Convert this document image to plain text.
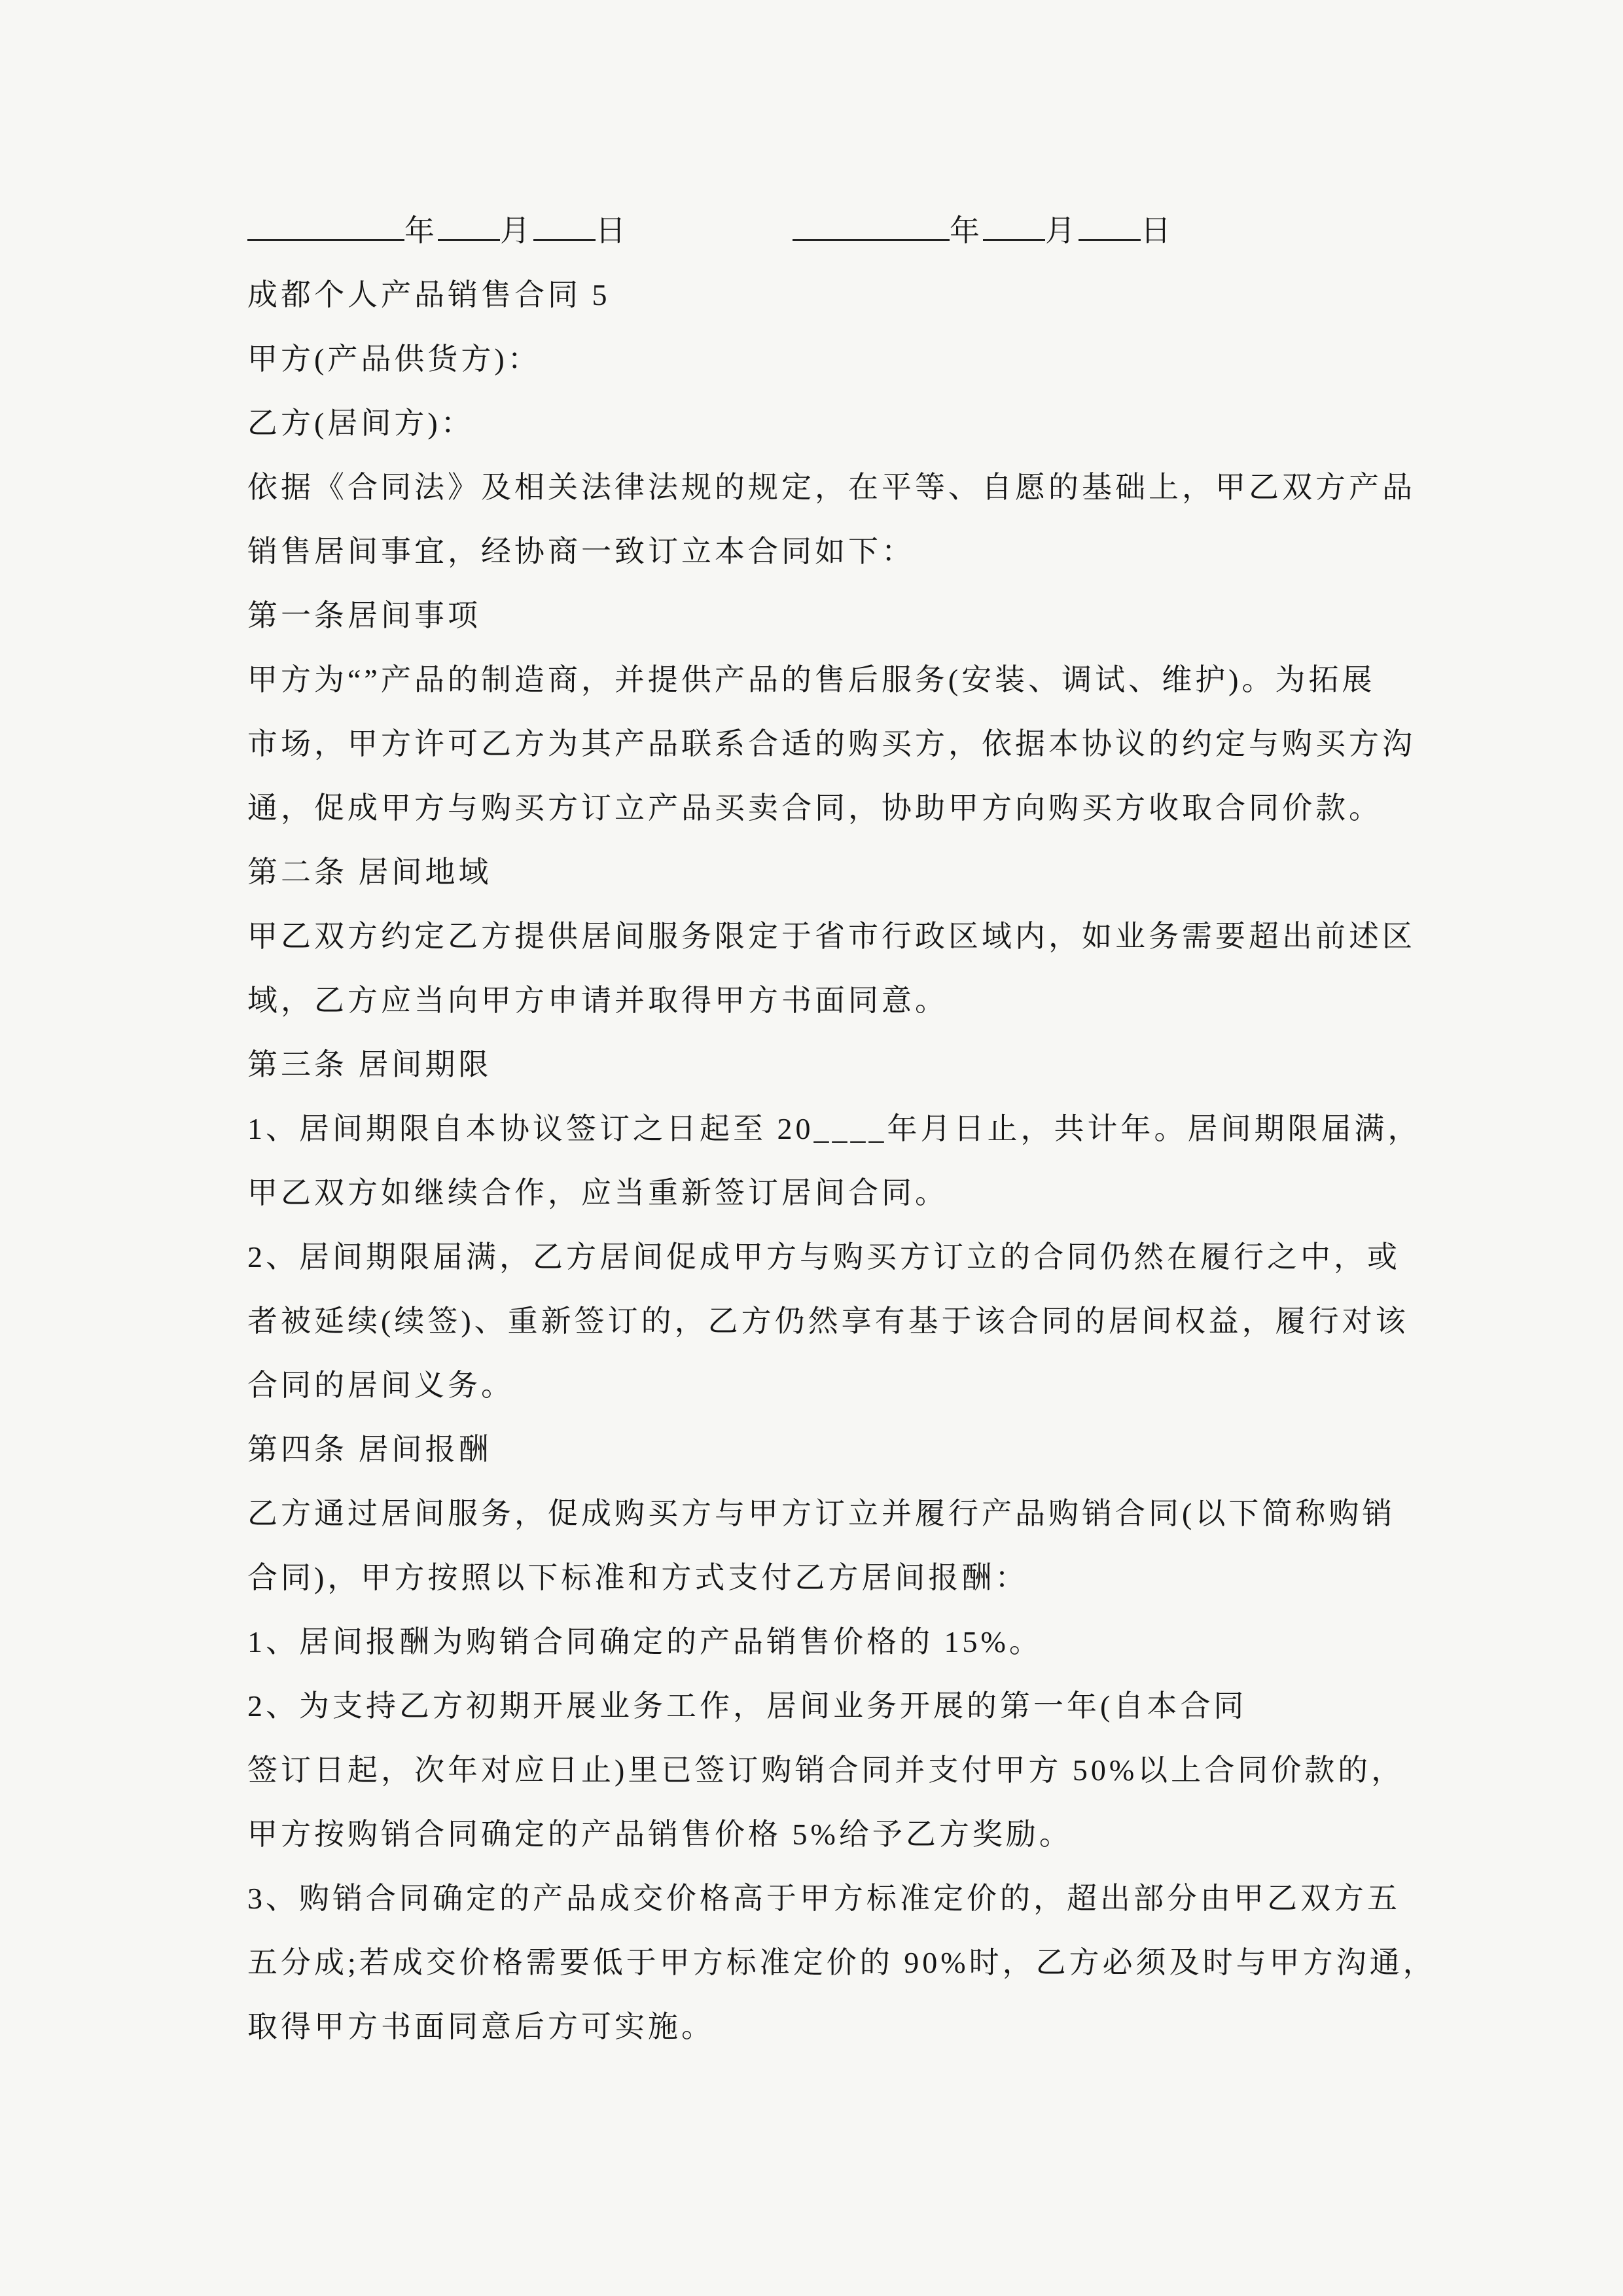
年 月 日	年 月 日
成都个人产品销售合同 5
甲方(产品供货方)：
乙方(居间方)：
依据《合同法》及相关法律法规的规定，在平等、自愿的基础上，甲乙双方产品
销售居间事宜，经协商一致订立本合同如下：
第一条居间事项
甲方为“”产品的制造商，并提供产品的售后服务(安装、调试、维护)。为拓展
市场，甲方许可乙方为其产品联系合适的购买方，依据本协议的约定与购买方沟
通，促成甲方与购买方订立产品买卖合同，协助甲方向购买方收取合同价款。
第二条 居间地域
甲乙双方约定乙方提供居间服务限定于省市行政区域内，如业务需要超出前述区
域，乙方应当向甲方申请并取得甲方书面同意。
第三条 居间期限
1、居间期限自本协议签订之日起至 20____年月日止，共计年。居间期限届满，
甲乙双方如继续合作，应当重新签订居间合同。
2、居间期限届满，乙方居间促成甲方与购买方订立的合同仍然在履行之中，或
者被延续(续签)、重新签订的，乙方仍然享有基于该合同的居间权益，履行对该
合同的居间义务。
第四条 居间报酬
乙方通过居间服务，促成购买方与甲方订立并履行产品购销合同(以下简称购销
合同)，甲方按照以下标准和方式支付乙方居间报酬：
1、居间报酬为购销合同确定的产品销售价格的 15%。
2、为支持乙方初期开展业务工作，居间业务开展的第一年(自本合同
签订日起，次年对应日止)里已签订购销合同并支付甲方 50%以上合同价款的，
甲方按购销合同确定的产品销售价格 5%给予乙方奖励。
3、购销合同确定的产品成交价格高于甲方标准定价的，超出部分由甲乙双方五
五分成;若成交价格需要低于甲方标准定价的 90%时，乙方必须及时与甲方沟通，
取得甲方书面同意后方可实施。
